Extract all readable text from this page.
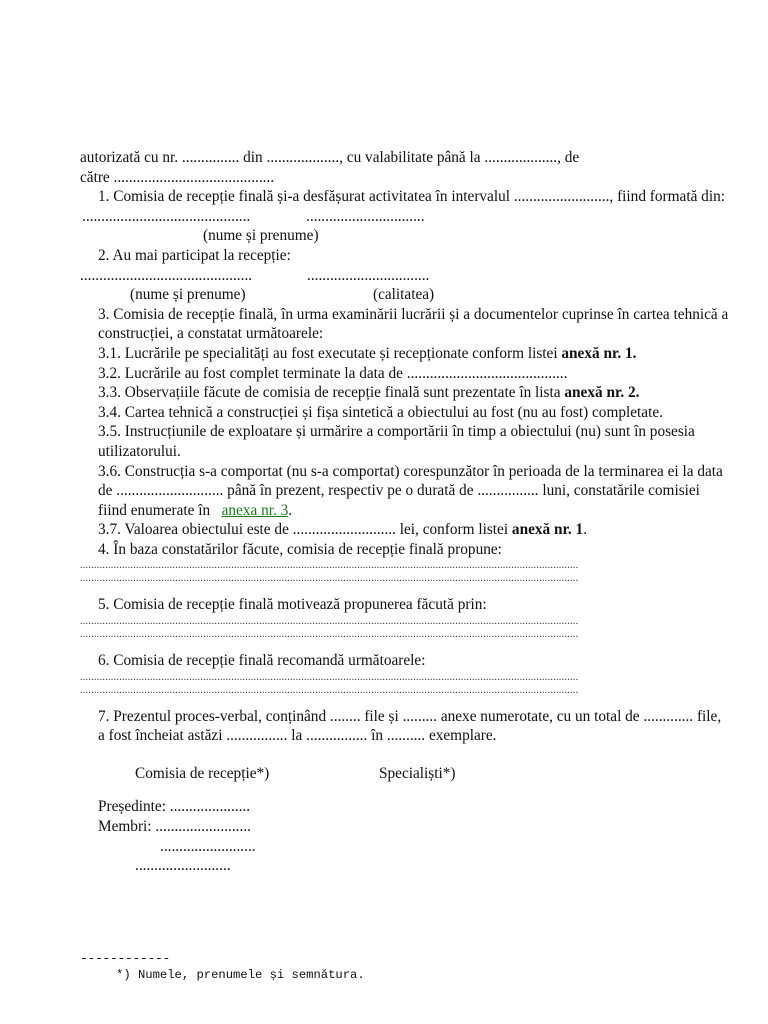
autorizată cu nr. ............... din ..................., cu valabilitate până la ..................., de

către ..........................................

1. Comisia de recepție finală și-a desfășurat activitatea în intervalul ........................., fiind formată din:

............................................	...............................

(nume și prenume)

2. Au mai participat la recepție:

.............................................	................................
(nume și prenume)	(calitatea)

3. Comisia de recepție finală, în urma examinării lucrării și a documentelor cuprinse în cartea tehnică a construcției, a constatat următoarele:

3.1. Lucrările pe specialități au fost executate și recepționate conform listei anexă nr. 1.

3.2. Lucrările au fost complet terminate la data de ..........................................

3.3. Observațiile făcute de comisia de recepție finală sunt prezentate în lista anexă nr. 2.

3.4. Cartea tehnică a construcției și fișa sintetică a obiectului au fost (nu au fost) completate.

3.5. Instrucțiunile de exploatare și urmărire a comportării în timp a obiectului (nu) sunt în posesia utilizatorului.

3.6. Construcția s-a comportat (nu s-a comportat) corespunzător în perioada de la terminarea ei la data de ............................ până în prezent, respectiv pe o durată de ................ luni, constatările comisiei fiind enumerate în   anexa nr. 3.

3.7. Valoarea obiectului este de ........................... lei, conform listei anexă nr. 1.

4. În baza constatărilor făcute, comisia de recepție finală propune:

..................................................................................................................................................................................
..................................................................................................................................................................................

5. Comisia de recepție finală motivează propunerea făcută prin:

..................................................................................................................................................................................
..................................................................................................................................................................................

6. Comisia de recepție finală recomandă următoarele:

..................................................................................................................................................................................
..................................................................................................................................................................................

7. Prezentul proces-verbal, conținând ........ file și ......... anexe numerotate, cu un total de ............. file, a fost încheiat astăzi ................ la ................ în .......... exemplare.

Comisia de recepție*)	Specialiști*)

Președinte: .....................

Membri: .........................

.........................

.........................

------------
*) Numele, prenumele și semnătura.
